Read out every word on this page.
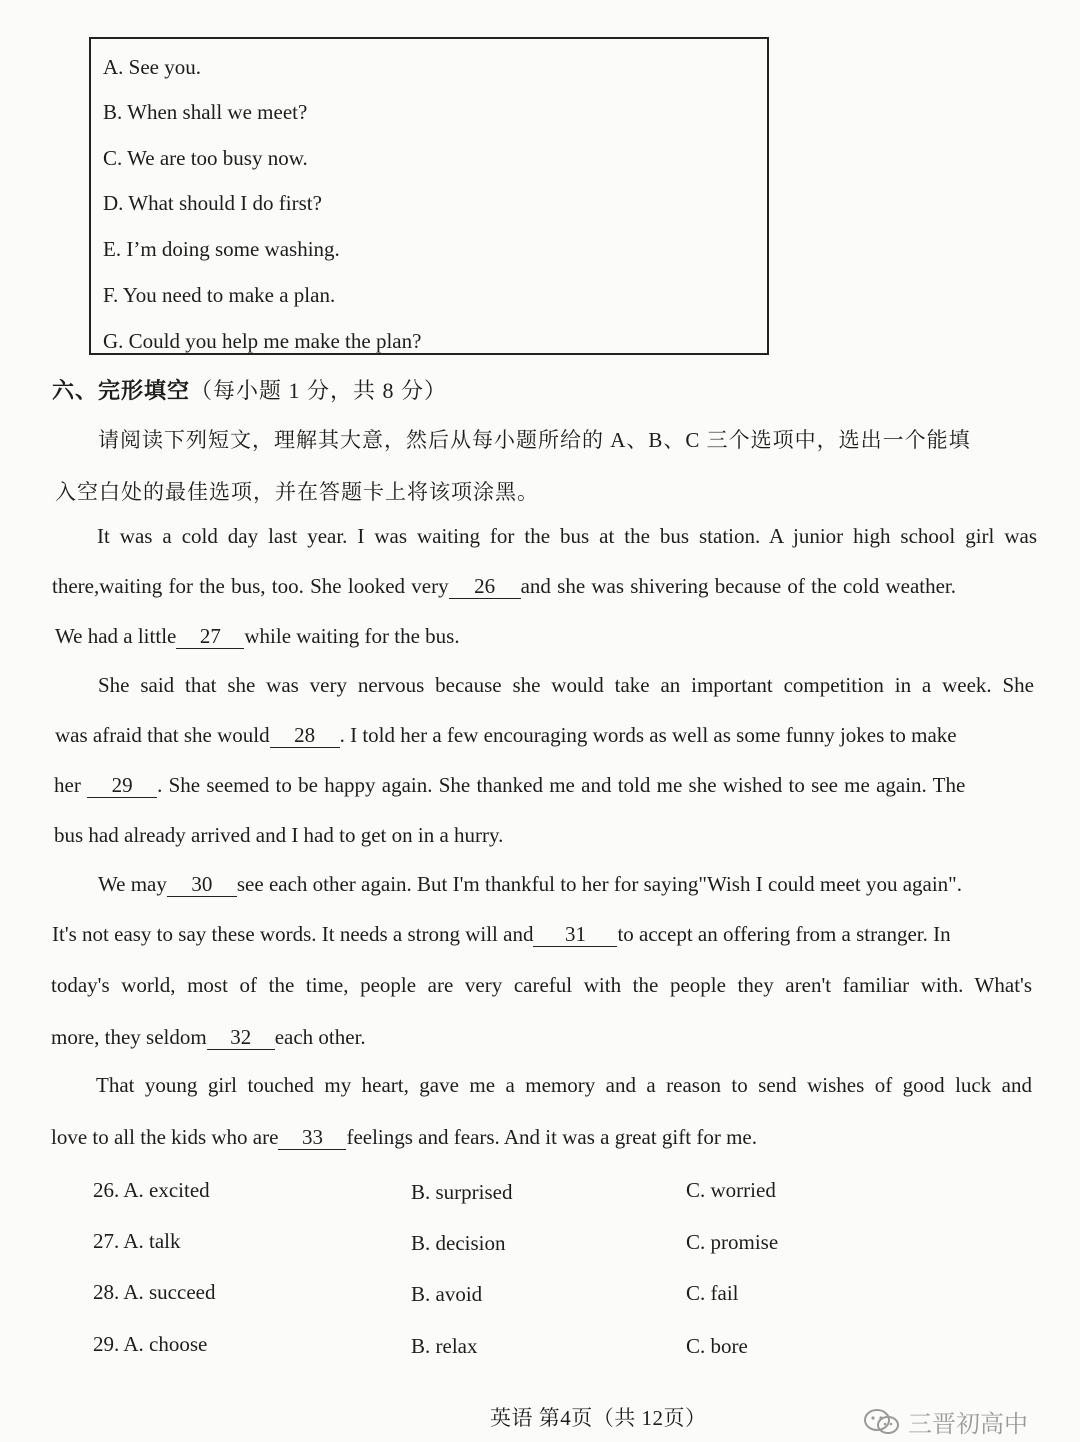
A. See you.
B. When shall we meet?
C. We are too busy now.
D. What should I do first?
E. I’m doing some washing.
F. You need to make a plan.
G. Could you help me make the plan?
六、完形填空（每小题 1 分，共 8 分）
请阅读下列短文，理解其大意，然后从每小题所给的 A、B、C 三个选项中，选出一个能填
入空白处的最佳选项，并在答题卡上将该项涂黑。
It was a cold day last year. I was waiting for the bus at the bus station. A junior high school girl was
there,waiting for the bus, too. She looked very 26 and she was shivering because of the cold weather.
We had a little 27 while waiting for the bus.
She said that she was very nervous because she would take an important competition in a week. She
was afraid that she would 28 . I told her a few encouraging words as well as some funny jokes to make
her 29 . She seemed to be happy again. She thanked me and told me she wished to see me again. The
bus had already arrived and I had to get on in a hurry.
We may 30 see each other again. But I'm thankful to her for saying"Wish I could meet you again".
It's not easy to say these words. It needs a strong will and 31 to accept an offering from a stranger. In
today's world, most of the time, people are very careful with the people they aren't familiar with. What's
more, they seldom 32 each other.
That young girl touched my heart, gave me a memory and a reason to send wishes of good luck and
love to all the kids who are 33 feelings and fears. And it was a great gift for me.
26. A. excited	B. surprised	C. worried
27. A. talk	B. decision	C. promise
28. A. succeed	B. avoid	C. fail
29. A. choose	B. relax	C. bore
英语 第4页（共 12页）	三晋初高中
